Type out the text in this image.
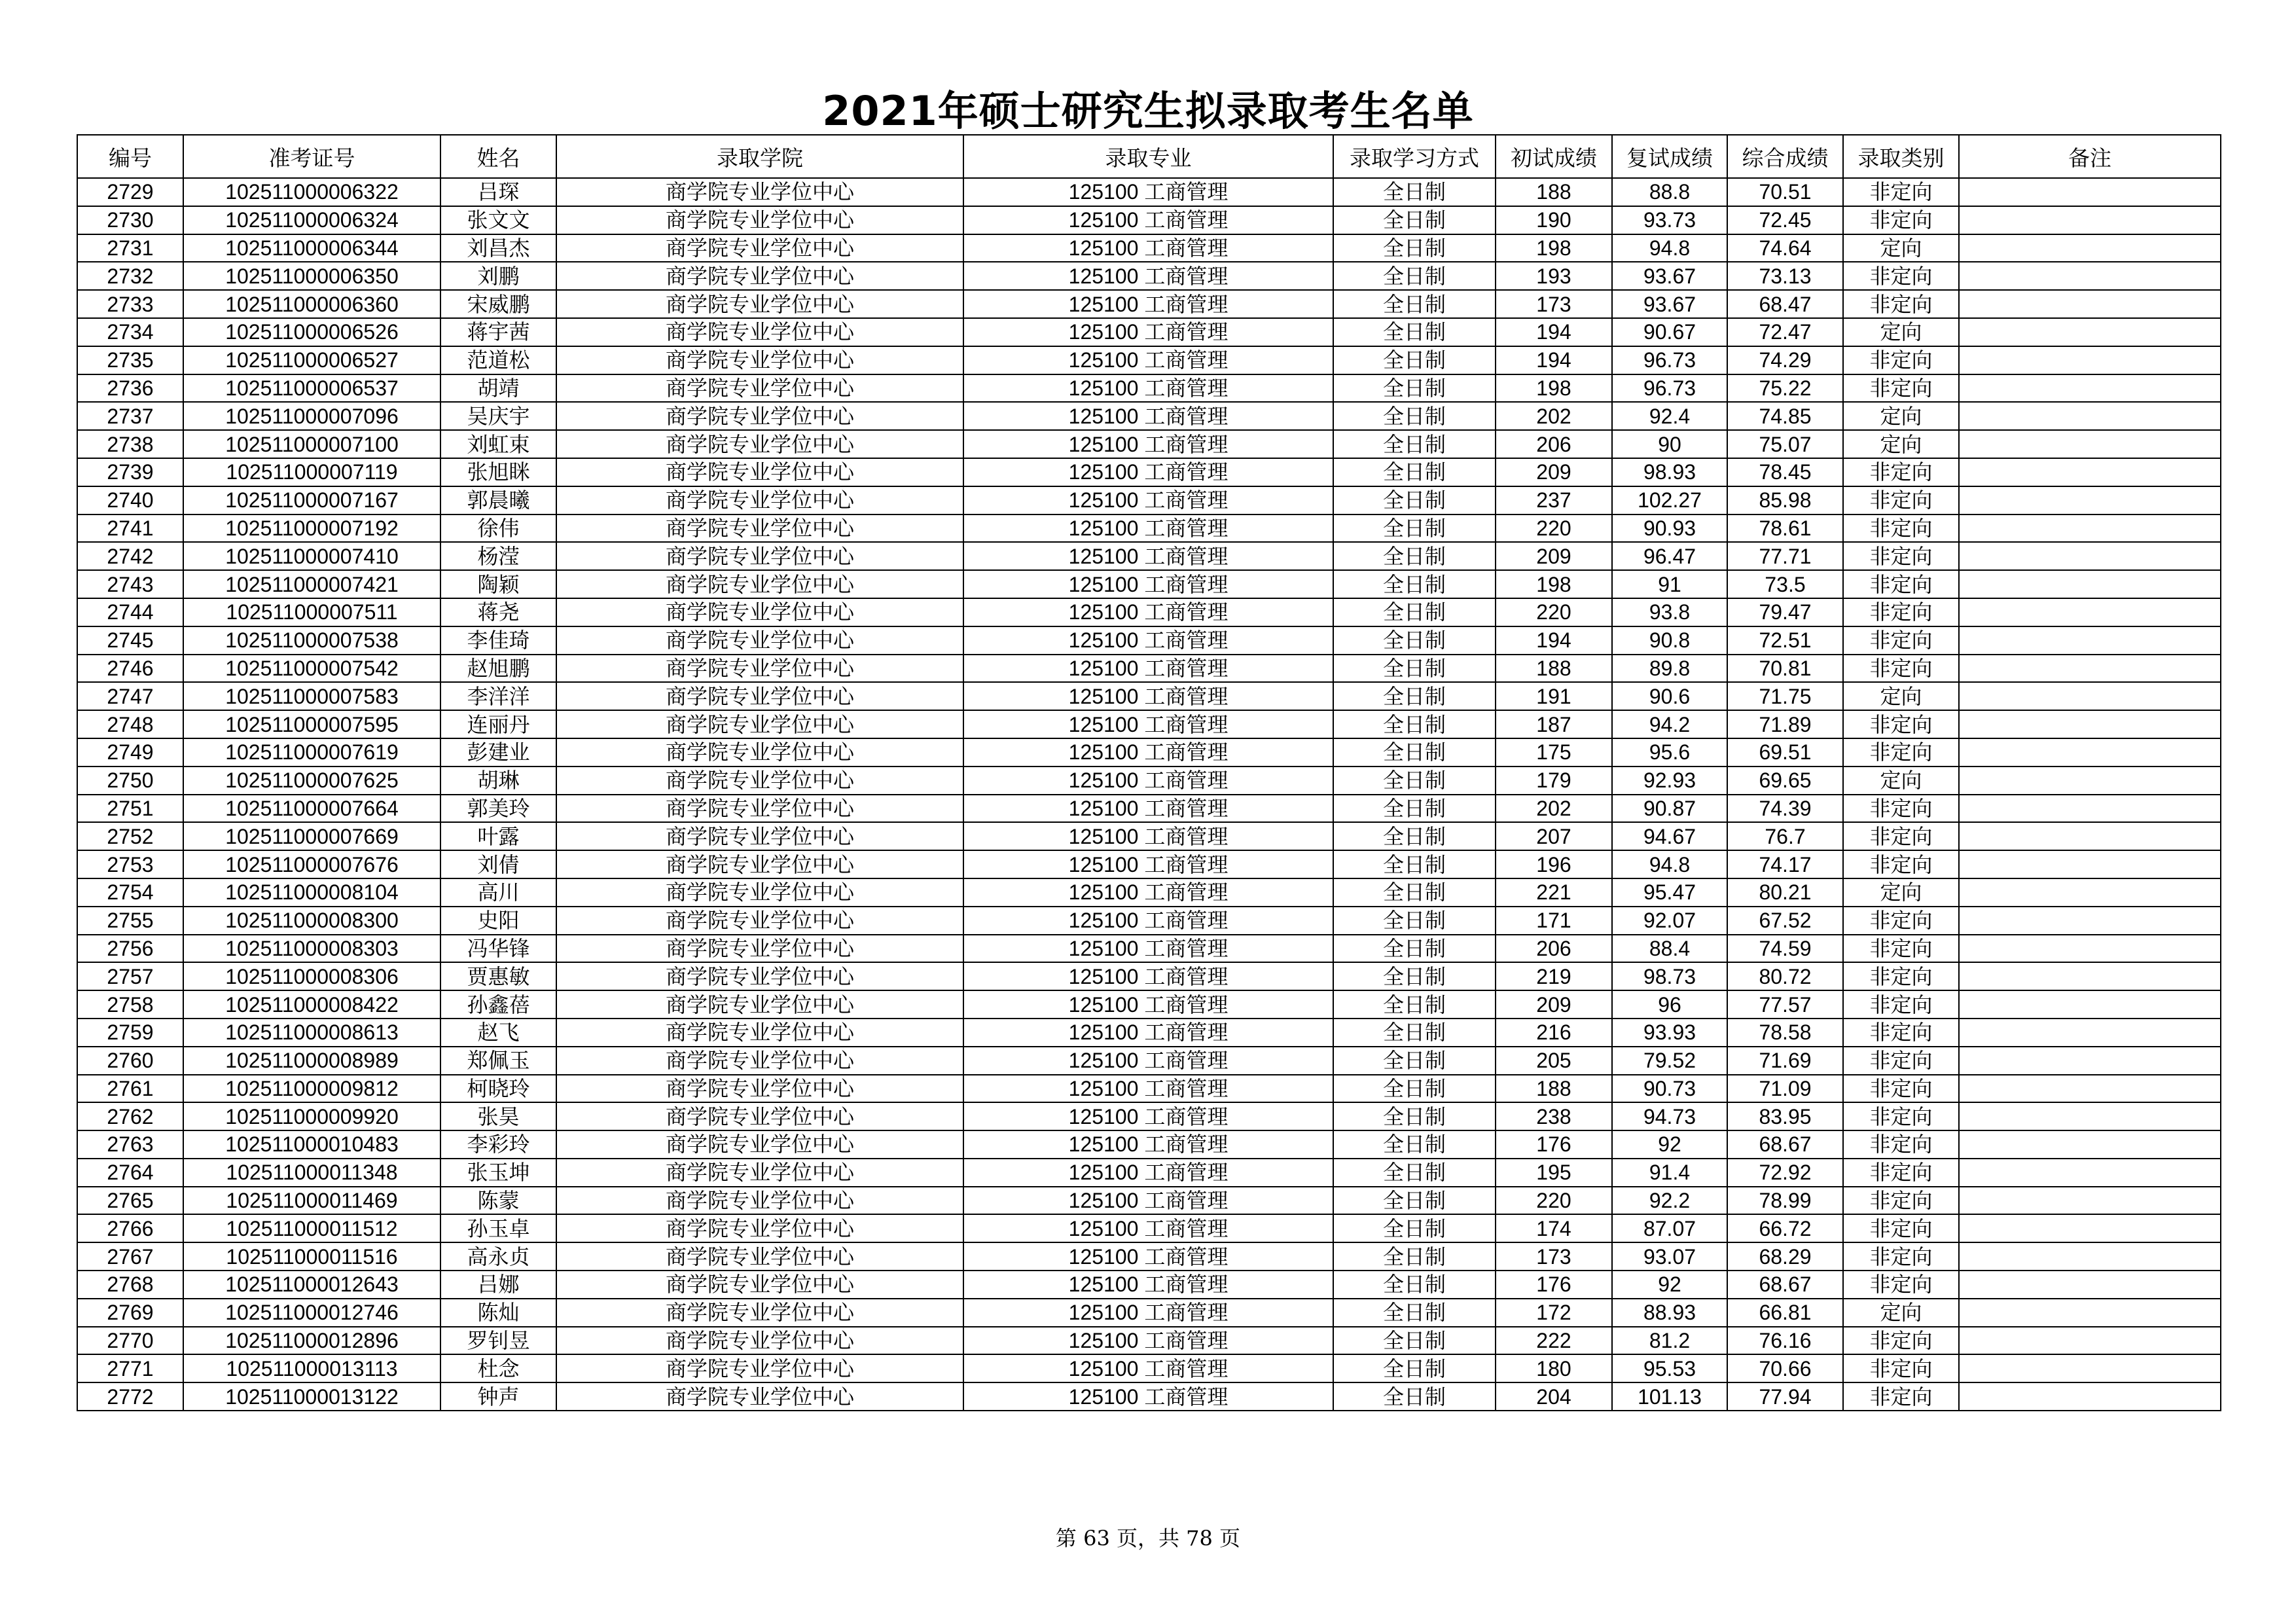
2021年硕士研究生拟录取考生名单
编号	准考证号	姓名	录取学院	录取专业	录取学习方式	初试成绩	复试成绩	综合成绩	录取类别	备注
2729	102511000006322	吕琛	商学院专业学位中心	125100 工商管理	全日制	188	88.8	70.51	非定向	
2730	102511000006324	张文文	商学院专业学位中心	125100 工商管理	全日制	190	93.73	72.45	非定向	
2731	102511000006344	刘昌杰	商学院专业学位中心	125100 工商管理	全日制	198	94.8	74.64	定向	
2732	102511000006350	刘鹏	商学院专业学位中心	125100 工商管理	全日制	193	93.67	73.13	非定向	
2733	102511000006360	宋威鹏	商学院专业学位中心	125100 工商管理	全日制	173	93.67	68.47	非定向	
2734	102511000006526	蒋宇茜	商学院专业学位中心	125100 工商管理	全日制	194	90.67	72.47	定向	
2735	102511000006527	范道松	商学院专业学位中心	125100 工商管理	全日制	194	96.73	74.29	非定向	
2736	102511000006537	胡靖	商学院专业学位中心	125100 工商管理	全日制	198	96.73	75.22	非定向	
2737	102511000007096	吴庆宇	商学院专业学位中心	125100 工商管理	全日制	202	92.4	74.85	定向	
2738	102511000007100	刘虹束	商学院专业学位中心	125100 工商管理	全日制	206	90	75.07	定向	
2739	102511000007119	张旭眯	商学院专业学位中心	125100 工商管理	全日制	209	98.93	78.45	非定向	
2740	102511000007167	郭晨曦	商学院专业学位中心	125100 工商管理	全日制	237	102.27	85.98	非定向	
2741	102511000007192	徐伟	商学院专业学位中心	125100 工商管理	全日制	220	90.93	78.61	非定向	
2742	102511000007410	杨滢	商学院专业学位中心	125100 工商管理	全日制	209	96.47	77.71	非定向	
2743	102511000007421	陶颖	商学院专业学位中心	125100 工商管理	全日制	198	91	73.5	非定向	
2744	102511000007511	蒋尧	商学院专业学位中心	125100 工商管理	全日制	220	93.8	79.47	非定向	
2745	102511000007538	李佳琦	商学院专业学位中心	125100 工商管理	全日制	194	90.8	72.51	非定向	
2746	102511000007542	赵旭鹏	商学院专业学位中心	125100 工商管理	全日制	188	89.8	70.81	非定向	
2747	102511000007583	李洋洋	商学院专业学位中心	125100 工商管理	全日制	191	90.6	71.75	定向	
2748	102511000007595	连丽丹	商学院专业学位中心	125100 工商管理	全日制	187	94.2	71.89	非定向	
2749	102511000007619	彭建业	商学院专业学位中心	125100 工商管理	全日制	175	95.6	69.51	非定向	
2750	102511000007625	胡琳	商学院专业学位中心	125100 工商管理	全日制	179	92.93	69.65	定向	
2751	102511000007664	郭美玲	商学院专业学位中心	125100 工商管理	全日制	202	90.87	74.39	非定向	
2752	102511000007669	叶露	商学院专业学位中心	125100 工商管理	全日制	207	94.67	76.7	非定向	
2753	102511000007676	刘倩	商学院专业学位中心	125100 工商管理	全日制	196	94.8	74.17	非定向	
2754	102511000008104	高川	商学院专业学位中心	125100 工商管理	全日制	221	95.47	80.21	定向	
2755	102511000008300	史阳	商学院专业学位中心	125100 工商管理	全日制	171	92.07	67.52	非定向	
2756	102511000008303	冯华锋	商学院专业学位中心	125100 工商管理	全日制	206	88.4	74.59	非定向	
2757	102511000008306	贾惠敏	商学院专业学位中心	125100 工商管理	全日制	219	98.73	80.72	非定向	
2758	102511000008422	孙鑫蓓	商学院专业学位中心	125100 工商管理	全日制	209	96	77.57	非定向	
2759	102511000008613	赵飞	商学院专业学位中心	125100 工商管理	全日制	216	93.93	78.58	非定向	
2760	102511000008989	郑佩玉	商学院专业学位中心	125100 工商管理	全日制	205	79.52	71.69	非定向	
2761	102511000009812	柯晓玲	商学院专业学位中心	125100 工商管理	全日制	188	90.73	71.09	非定向	
2762	102511000009920	张昊	商学院专业学位中心	125100 工商管理	全日制	238	94.73	83.95	非定向	
2763	102511000010483	李彩玲	商学院专业学位中心	125100 工商管理	全日制	176	92	68.67	非定向	
2764	102511000011348	张玉坤	商学院专业学位中心	125100 工商管理	全日制	195	91.4	72.92	非定向	
2765	102511000011469	陈蒙	商学院专业学位中心	125100 工商管理	全日制	220	92.2	78.99	非定向	
2766	102511000011512	孙玉卓	商学院专业学位中心	125100 工商管理	全日制	174	87.07	66.72	非定向	
2767	102511000011516	高永贞	商学院专业学位中心	125100 工商管理	全日制	173	93.07	68.29	非定向	
2768	102511000012643	吕娜	商学院专业学位中心	125100 工商管理	全日制	176	92	68.67	非定向	
2769	102511000012746	陈灿	商学院专业学位中心	125100 工商管理	全日制	172	88.93	66.81	定向	
2770	102511000012896	罗钊昱	商学院专业学位中心	125100 工商管理	全日制	222	81.2	76.16	非定向	
2771	102511000013113	杜念	商学院专业学位中心	125100 工商管理	全日制	180	95.53	70.66	非定向	
2772	102511000013122	钟声	商学院专业学位中心	125100 工商管理	全日制	204	101.13	77.94	非定向	
第 63 页，共 78 页
